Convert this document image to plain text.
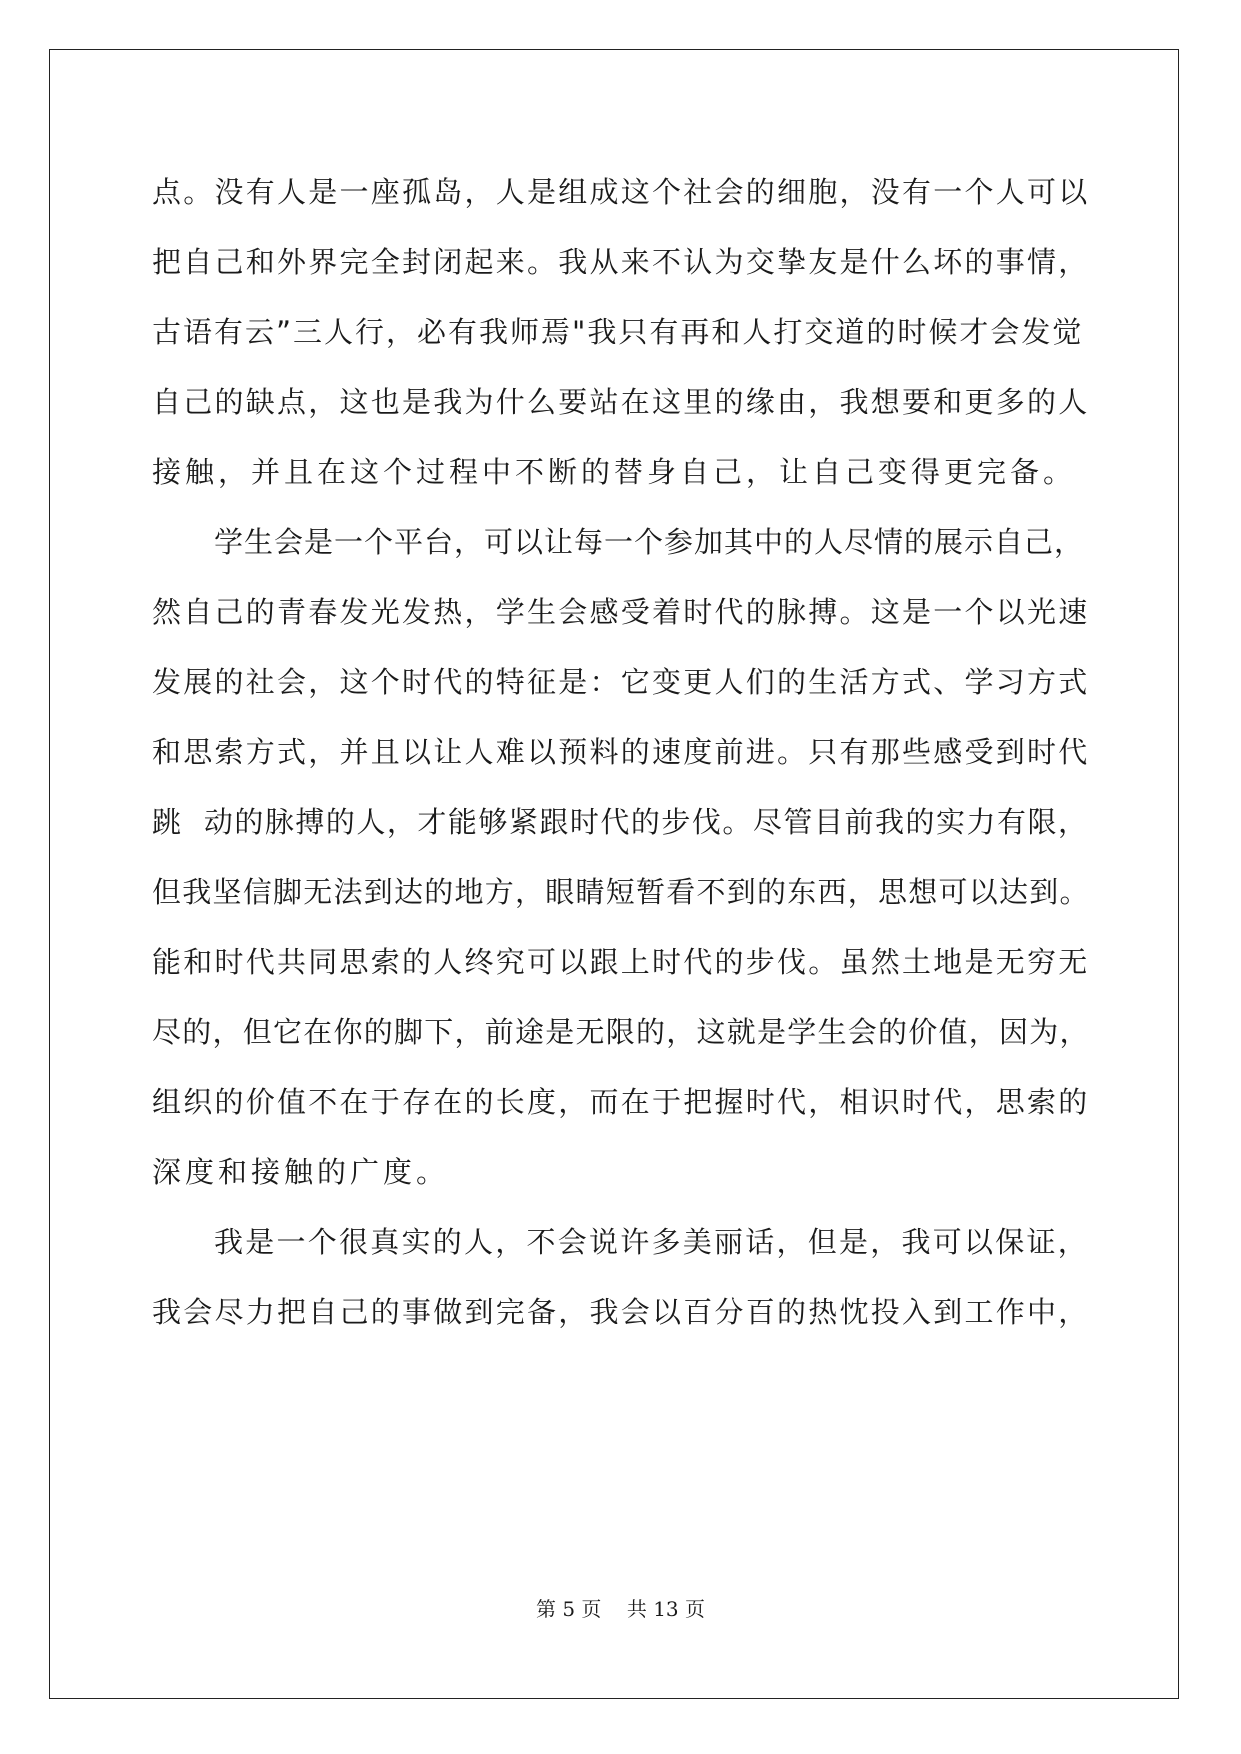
点。没有人是一座孤岛，人是组成这个社会的细胞，没有一个人可以
把自己和外界完全封闭起来。我从来不认为交挚友是什么坏的事情，
古语有云”三人行，必有我师焉"我只有再和人打交道的时候才会发觉
自己的缺点，这也是我为什么要站在这里的缘由，我想要和更多的人
接触，并且在这个过程中不断的替身自己，让自己变得更完备。
学生会是一个平台，可以让每一个参加其中的人尽情的展示自己，
然自己的青春发光发热，学生会感受着时代的脉搏。这是一个以光速
发展的社会，这个时代的特征是：它变更人们的生活方式、学习方式
和思索方式，并且以让人难以预料的速度前进。只有那些感受到时代
跳  动的脉搏的人，才能够紧跟时代的步伐。尽管目前我的实力有限，
但我坚信脚无法到达的地方，眼睛短暂看不到的东西，思想可以达到。
能和时代共同思索的人终究可以跟上时代的步伐。虽然土地是无穷无
尽的，但它在你的脚下，前途是无限的，这就是学生会的价值，因为，
组织的价值不在于存在的长度，而在于把握时代，相识时代，思索的
深度和接触的广度。
我是一个很真实的人，不会说许多美丽话，但是，我可以保证，
我会尽力把自己的事做到完备，我会以百分百的热忱投入到工作中，
第 5 页    共 13 页
